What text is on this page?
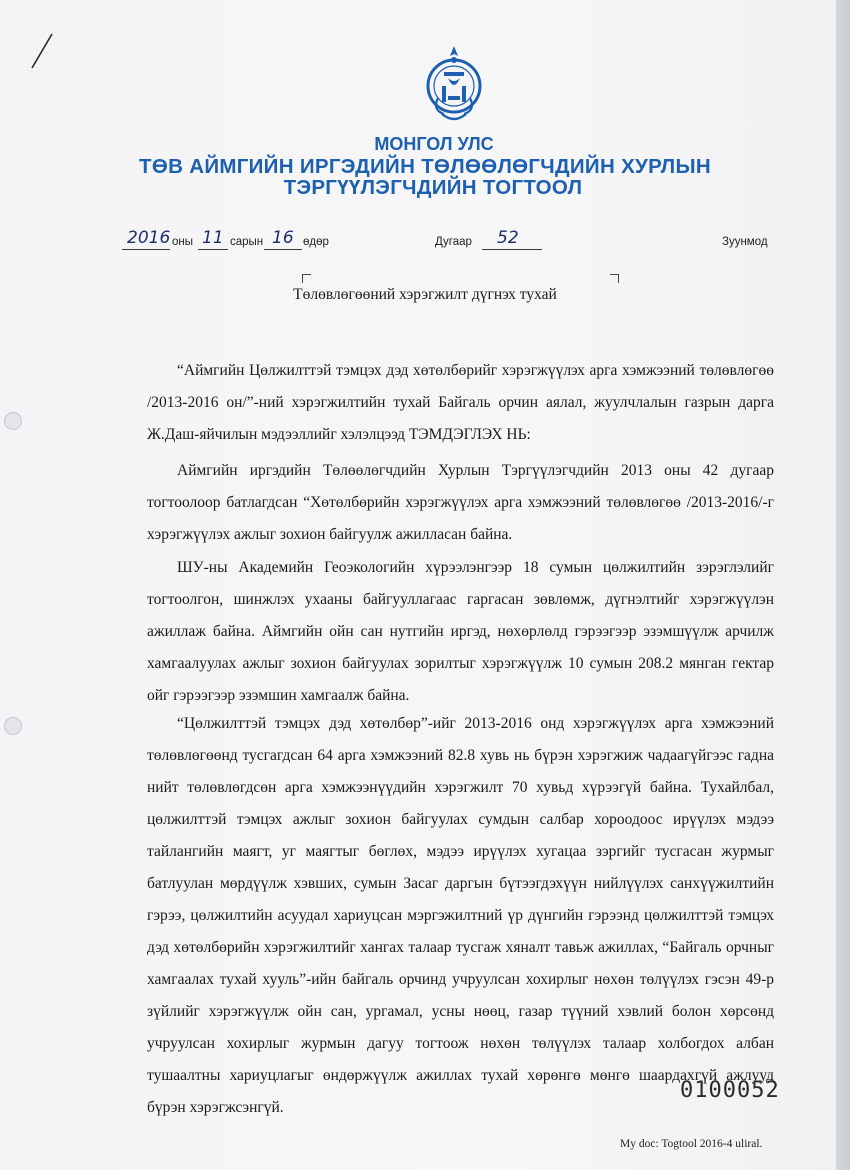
МОНГОЛ УЛС
ТӨВ АЙМГИЙН ИРГЭДИЙН ТӨЛӨӨЛӨГЧДИЙН ХУРЛЫН
ТЭРГҮҮЛЭГЧДИЙН ТОГТООЛ
2016 оны 11 сарын 16 өдөр	Дугаар 52	Зуунмод
Төлөвлөгөөний хэрэгжилт дүгнэх тухай

“Аймгийн Цөлжилттэй тэмцэх дэд хөтөлбөрийг хэрэгжүүлэх арга хэмжээний төлөвлөгөө /2013-2016 он/”-ний хэрэгжилтийн тухай Байгаль орчин аялал, жуулчлалын газрын дарга Ж.Даш-яйчилын мэдээллийг хэлэлцээд ТЭМДЭГЛЭХ НЬ:

Аймгийн иргэдийн Төлөөлөгчдийн Хурлын Тэргүүлэгчдийн 2013 оны 42 дугаар тогтоолоор батлагдсан “Хөтөлбөрийн хэрэгжүүлэх арга хэмжээний төлөвлөгөө /2013-2016/-г хэрэгжүүлэх ажлыг зохион байгуулж ажилласан байна.

ШУ-ны Академийн Геоэкологийн хүрээлэнгээр 18 сумын цөлжилтийн зэрэглэлийг тогтоолгон, шинжлэх ухааны байгууллагаас гаргасан зөвлөмж, дүгнэлтийг хэрэгжүүлэн ажиллаж байна. Аймгийн ойн сан нутгийн иргэд, нөхөрлөлд гэрээгээр эзэмшүүлж арчилж хамгаалуулах ажлыг зохион байгуулах зорилтыг хэрэгжүүлж 10 сумын 208.2 мянган гектар ойг гэрээгээр эзэмшин хамгаалж байна.

“Цөлжилттэй тэмцэх дэд хөтөлбөр”-ийг 2013-2016 онд хэрэгжүүлэх арга хэмжээний төлөвлөгөөнд тусгагдсан 64 арга хэмжээний 82.8 хувь нь бүрэн хэрэгжиж чадаагүйгээс гадна нийт төлөвлөгдсөн арга хэмжээнүүдийн хэрэгжилт 70 хувьд хүрээгүй байна. Тухайлбал, цөлжилттэй тэмцэх ажлыг зохион байгуулах сумдын салбар хороодоос ирүүлэх мэдээ тайлангийн маягт, уг маягтыг бөглөх, мэдээ ирүүлэх хугацаа зэргийг тусгасан журмыг батлуулан мөрдүүлж хэвших, сумын Засаг даргын бүтээгдэхүүн нийлүүлэх санхүүжилтийн гэрээ, цөлжилтийн асуудал хариуцсан мэргэжилтний үр дүнгийн гэрээнд цөлжилттэй тэмцэх дэд хөтөлбөрийн хэрэгжилтийг хангах талаар тусгаж хяналт тавьж ажиллах, “Байгаль орчныг хамгаалах тухай хууль”-ийн байгаль орчинд учруулсан хохирлыг нөхөн төлүүлэх гэсэн 49-р зүйлийг хэрэгжүүлж ойн сан, ургамал, усны нөөц, газар түүний хэвлий болон хөрсөнд учруулсан хохирлыг журмын дагуу тогтоож нөхөн төлүүлэх талаар холбогдох албан тушаалтны хариуцлагыг өндөржүүлж ажиллах тухай хөрөнгө мөнгө шаардахгүй ажлууд бүрэн хэрэгжсэнгүй.

0100052
My doc: Togtool 2016-4 uliral.
